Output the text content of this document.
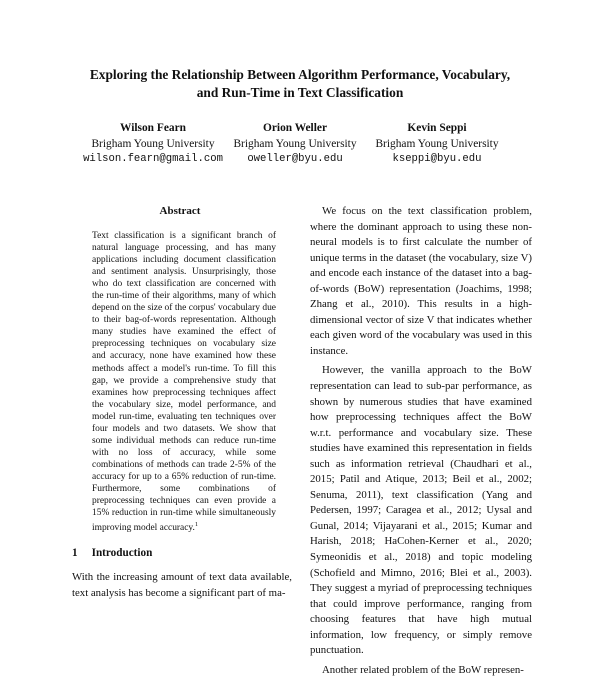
Exploring the Relationship Between Algorithm Performance, Vocabulary,
and Run-Time in Text Classification
Wilson Fearn
Brigham Young University
wilson.fearn@gmail.com
Orion Weller
Brigham Young University
oweller@byu.edu
Kevin Seppi
Brigham Young University
kseppi@byu.edu
Abstract

Text classification is a significant branch of natural language processing, and has many applications including document classification and sentiment analysis. Unsurprisingly, those who do text classification are concerned with the run-time of their algorithms, many of which depend on the size of the corpus' vocabulary due to their bag-of-words representation. Although many studies have examined the effect of preprocessing techniques on vocabulary size and accuracy, none have examined how these methods affect a model's run-time. To fill this gap, we provide a comprehensive study that examines how preprocessing techniques affect the vocabulary size, model performance, and model run-time, evaluating ten techniques over four models and two datasets. We show that some individual methods can reduce run-time with no loss of accuracy, while some combinations of methods can trade 2-5% of the accuracy for up to a 65% reduction of run-time. Furthermore, some combinations of preprocessing techniques can even provide a 15% reduction in run-time while simultaneously improving model accuracy.$^1$

1 Introduction

With the increasing amount of text data available, text analysis has become a significant part of ma-

We focus on the text classification problem, where the dominant approach to using these non-neural models is to first calculate the number of unique terms in the dataset (the vocabulary, size V) and encode each instance of the dataset into a bag-of-words (BoW) representation (Joachims, 1998; Zhang et al., 2010). This results in a high-dimensional vector of size V that indicates whether each given word of the vocabulary was used in this instance.

However, the vanilla approach to the BoW representation can lead to sub-par performance, as shown by numerous studies that have examined how preprocessing techniques affect the BoW w.r.t. performance and vocabulary size. These studies have examined this representation in fields such as information retrieval (Chaudhari et al., 2015; Patil and Atique, 2013; Beil et al., 2002; Senuma, 2011), text classification (Yang and Pedersen, 1997; Caragea et al., 2012; Uysal and Gunal, 2014; Vijayarani et al., 2015; Kumar and Harish, 2018; HaCohen-Kerner et al., 2020; Symeonidis et al., 2018) and topic modeling (Schofield and Mimno, 2016; Blei et al., 2003). They suggest a myriad of preprocessing techniques that could improve performance, ranging from choosing features that have high mutual information, low frequency, or simply remove punctuation.

Another related problem of the BoW represen-
